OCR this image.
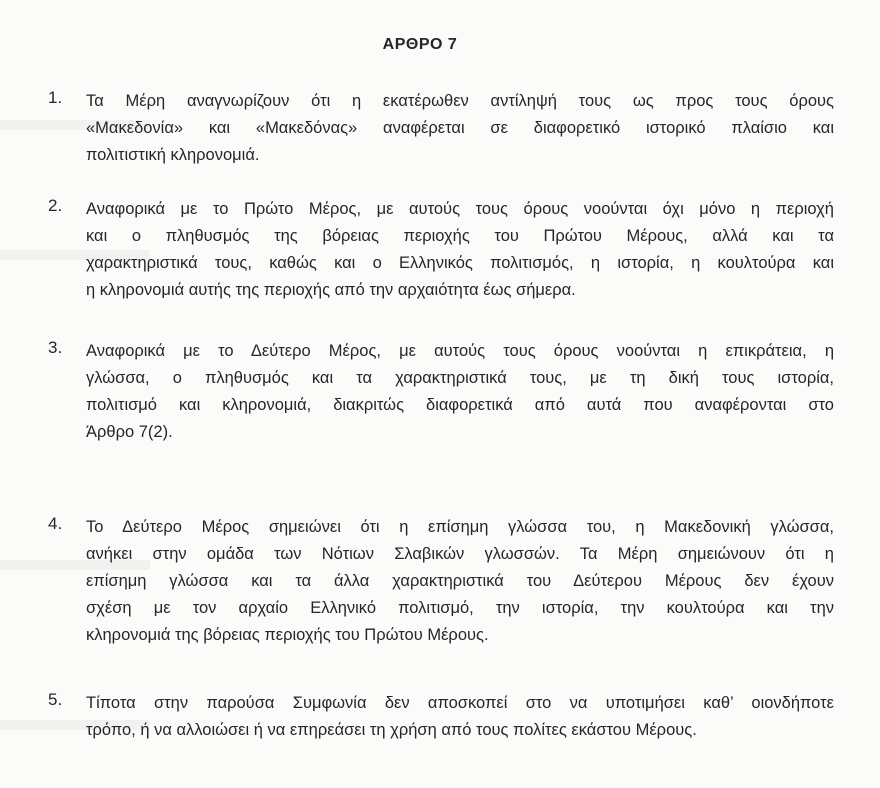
ΑΡΘΡΟ 7
1. Τα Μέρη αναγνωρίζουν ότι η εκατέρωθεν αντίληψή τους ως προς τους όρους
«Μακεδονία» και «Μακεδόνας» αναφέρεται σε διαφορετικό ιστορικό πλαίσιο και
πολιτιστική κληρονομιά.
2. Αναφορικά με το Πρώτο Μέρος, με αυτούς τους όρους νοούνται όχι μόνο η περιοχή
και ο πληθυσμός της βόρειας περιοχής του Πρώτου Μέρους, αλλά και τα
χαρακτηριστικά τους, καθώς και ο Ελληνικός πολιτισμός, η ιστορία, η κουλτούρα και
η κληρονομιά αυτής της περιοχής από την αρχαιότητα έως σήμερα.
3. Αναφορικά με το Δεύτερο Μέρος, με αυτούς τους όρους νοούνται η επικράτεια, η
γλώσσα, ο πληθυσμός και τα χαρακτηριστικά τους, με τη δική τους ιστορία,
πολιτισμό και κληρονομιά, διακριτώς διαφορετικά από αυτά που αναφέρονται στο
Άρθρο 7(2).
4. Το Δεύτερο Μέρος σημειώνει ότι η επίσημη γλώσσα του, η Μακεδονική γλώσσα,
ανήκει στην ομάδα των Νότιων Σλαβικών γλωσσών. Τα Μέρη σημειώνουν ότι η
επίσημη γλώσσα και τα άλλα χαρακτηριστικά του Δεύτερου Μέρους δεν έχουν
σχέση με τον αρχαίο Ελληνικό πολιτισμό, την ιστορία, την κουλτούρα και την
κληρονομιά της βόρειας περιοχής του Πρώτου Μέρους.
5. Τίποτα στην παρούσα Συμφωνία δεν αποσκοπεί στο να υποτιμήσει καθ’ οιονδήποτε
τρόπο, ή να αλλοιώσει ή να επηρεάσει τη χρήση από τους πολίτες εκάστου Μέρους.
